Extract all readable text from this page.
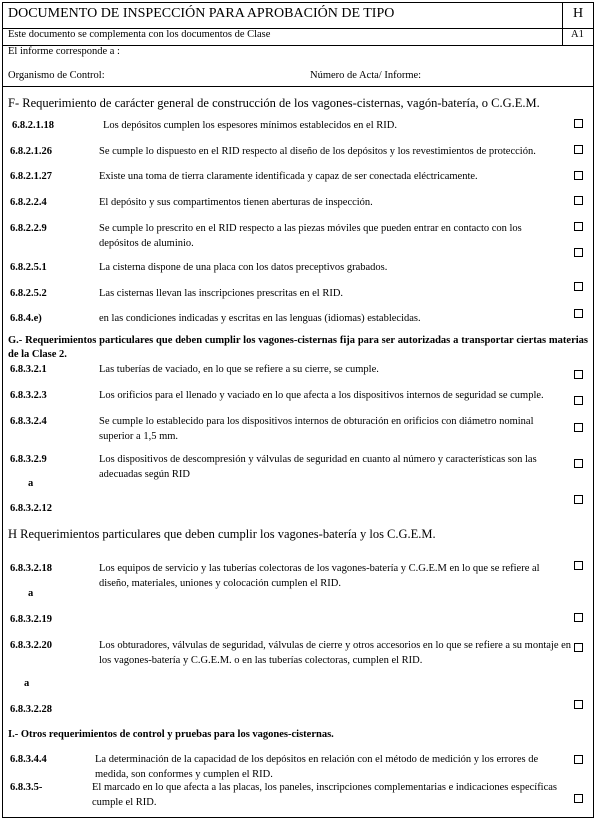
DOCUMENTO DE INSPECCIÓN PARA APROBACIÓN DE TIPO	H
Este documento se complementa con los documentos de Clase	A1
El informe corresponde a :
Organismo de Control:	Número de Acta/ Informe:
F- Requerimiento de carácter general de construcción de los vagones-cisternas, vagón-batería, o C.G.E.M.
6.8.2.1.18	Los depósitos cumplen los espesores mínimos establecidos en el RID.
6.8.2.1.26	Se cumple lo dispuesto en el RID respecto al diseño de los depósitos y los revestimientos de protección.
6.8.2.1.27	Existe una toma de tierra claramente identificada y capaz de ser conectada eléctricamente.
6.8.2.2.4	El depósito y sus compartimentos tienen aberturas de inspección.
6.8.2.2.9	Se cumple lo prescrito en el RID respecto a las piezas móviles que pueden entrar en contacto con los depósitos de aluminio.
6.8.2.5.1	La cisterna dispone de una placa con los datos preceptivos grabados.
6.8.2.5.2	Las cisternas llevan las inscripciones prescritas en el RID.
6.8.4.e)	en las condiciones indicadas y escritas en las lenguas (idiomas) establecidas.
G.- Requerimientos particulares que deben cumplir los vagones-cisternas fija para ser autorizadas a transportar ciertas materias de la Clase 2.
6.8.3.2.1	Las tuberías de vaciado, en lo que se refiere a su cierre, se cumple.
6.8.3.2.3	Los orificios para el llenado y vaciado en lo que afecta a los dispositivos internos de seguridad se cumple.
6.8.3.2.4	Se cumple lo establecido para los dispositivos internos de obturación en orificios con diámetro nominal superior a 1,5 mm.
6.8.3.2.9	Los dispositivos de descompresión y válvulas de seguridad en cuanto al número y características son las adecuadas según RID
a
6.8.3.2.12
H Requerimientos particulares que deben cumplir los vagones-batería y los C.G.E.M.
6.8.3.2.18	Los equipos de servicio y las tuberías colectoras de los vagones-batería y C.G.E.M en lo que se refiere al diseño, materiales, uniones y colocación cumplen el RID.
a
6.8.3.2.19
6.8.3.2.20	Los obturadores, válvulas de seguridad, válvulas de cierre y otros accesorios en lo que se refiere a su montaje en los vagones-batería y C.G.E.M. o en las tuberías colectoras, cumplen el RID.
a
6.8.3.2.28
I.- Otros requerimientos de control y pruebas para los vagones-cisternas.
6.8.3.4.4	La determinación de la capacidad de los depósitos en relación con el método de medición y los errores de medida, son conformes y cumplen el RID.
6.8.3.5-	El marcado en lo que afecta a las placas, los paneles, inscripciones complementarias e indicaciones específicas cumple el RID.
